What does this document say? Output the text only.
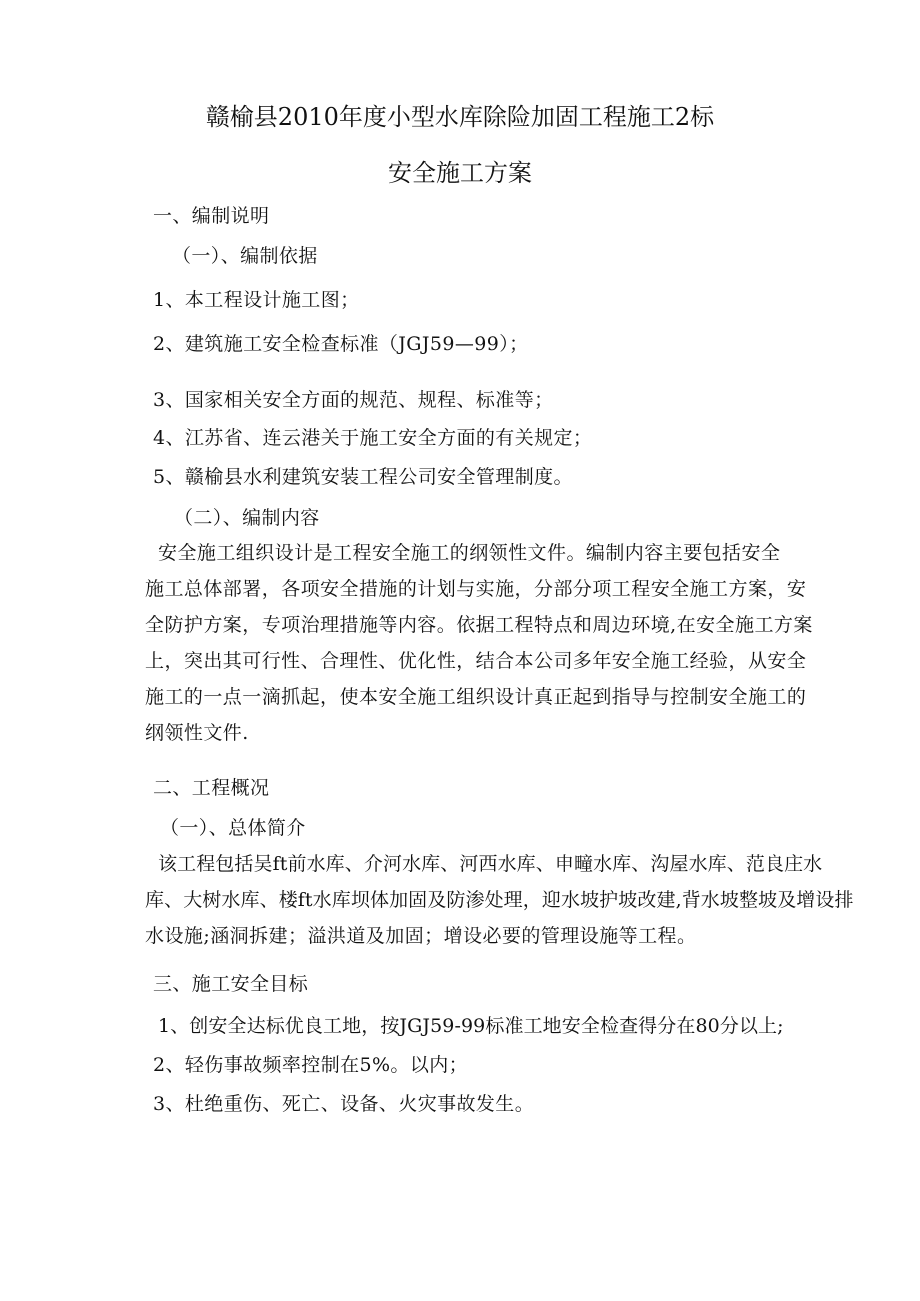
赣榆县2010年度小型水库除险加固工程施工2标
安全施工方案

一、编制说明

（一）、编制依据

1、本工程设计施工图；

2、建筑施工安全检查标准（JGJ59—99）；

3、国家相关安全方面的规范、规程、标准等；

4、江苏省、连云港关于施工安全方面的有关规定；

5、赣榆县水利建筑安装工程公司安全管理制度。

（二）、编制内容

安全施工组织设计是工程安全施工的纲领性文件。编制内容主要包括安全
施工总体部署，各项安全措施的计划与实施，分部分项工程安全施工方案，安
全防护方案，专项治理措施等内容。依据工程特点和周边环境,在安全施工方案
上，突出其可行性、合理性、优化性，结合本公司多年安全施工经验，从安全
施工的一点一滴抓起，使本安全施工组织设计真正起到指导与控制安全施工的
纲领性文件.

二、工程概况

（一）、总体简介

该工程包括吴ft前水库、介河水库、河西水库、申疃水库、沟屋水库、范良庄水
库、大树水库、楼ft水库坝体加固及防渗处理，迎水坡护坡改建,背水坡整坡及增设排
水设施;涵洞拆建；溢洪道及加固；增设必要的管理设施等工程。

三、施工安全目标

1、创安全达标优良工地，按JGJ59-99标准工地安全检查得分在80分以上;

2、轻伤事故频率控制在5%。以内；

3、杜绝重伤、死亡、设备、火灾事故发生。
